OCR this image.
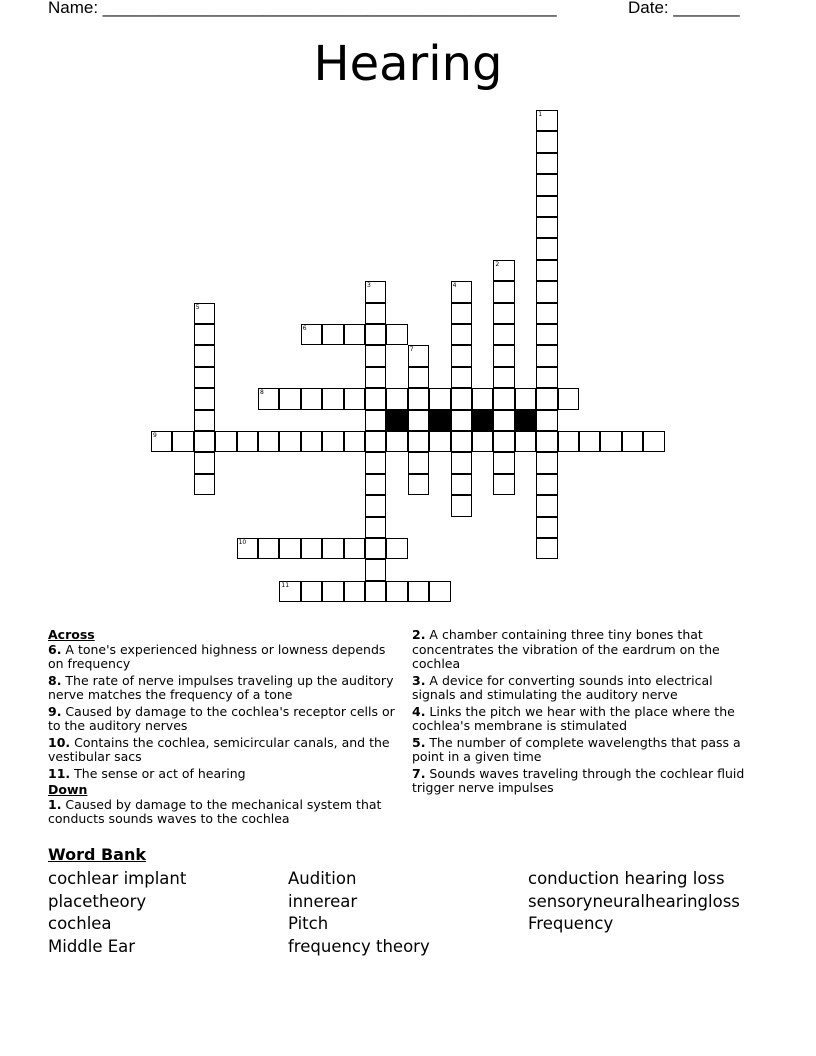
Name: ________________________________________________	Date: _______
Hearing
1
2
3	4
5
6
7
8
9
10
11
Across
6. A tone's experienced highness or lowness depends on frequency
8. The rate of nerve impulses traveling up the auditory nerve matches the frequency of a tone
9. Caused by damage to the cochlea's receptor cells or to the auditory nerves
10. Contains the cochlea, semicircular canals, and the vestibular sacs
11. The sense or act of hearing
Down
1. Caused by damage to the mechanical system that conducts sounds waves to the cochlea
2. A chamber containing three tiny bones that concentrates the vibration of the eardrum on the cochlea
3. A device for converting sounds into electrical signals and stimulating the auditory nerve
4. Links the pitch we hear with the place where the cochlea's membrane is stimulated
5. The number of complete wavelengths that pass a point in a given time
7. Sounds waves traveling through the cochlear fluid trigger nerve impulses
Word Bank
cochlear implant
placetheory
cochlea
Middle Ear
Audition
innerear
Pitch
frequency theory
conduction hearing loss
sensoryneuralhearingloss
Frequency
